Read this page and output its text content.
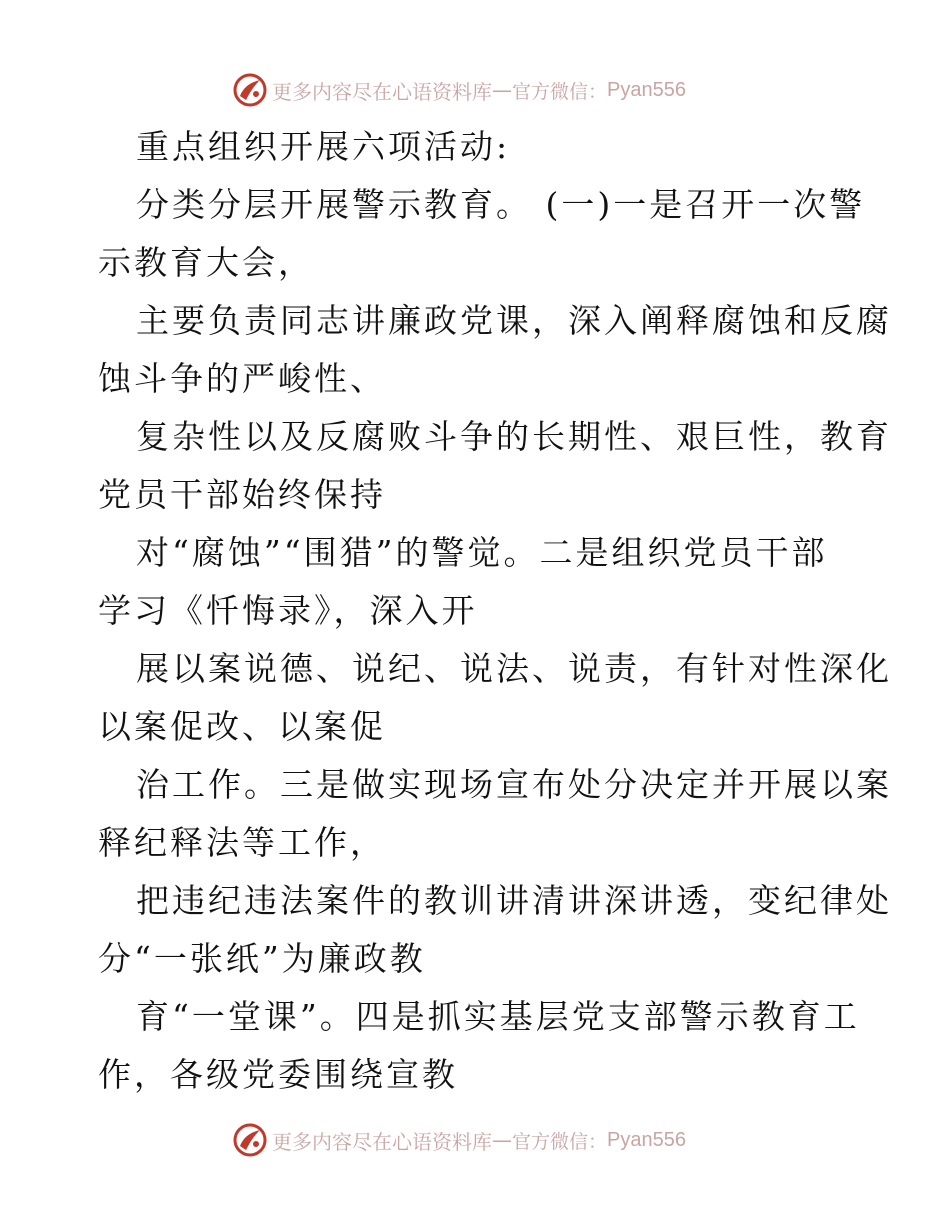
更多内容尽在心语资料库 — 官方微信： Pyan556
重点组织开展六项活动:
分类分层开展警示教育。 (一)一是召开一次警
示教育大会，
主要负责同志讲廉政党课，深入阐释腐蚀和反腐
蚀斗争的严峻性、
复杂性以及反腐败斗争的长期性、艰巨性，教育
党员干部始终保持
对“腐蚀”“围猎”的警觉。二是组织党员干部
学习《忏悔录》，深入开
展以案说德、说纪、说法、说责，有针对性深化
以案促改、以案促
治工作。三是做实现场宣布处分决定并开展以案
释纪释法等工作，
把违纪违法案件的教训讲清讲深讲透，变纪律处
分“一张纸”为廉政教
育“一堂课”。四是抓实基层党支部警示教育工
作，各级党委围绕宣教
更多内容尽在心语资料库 — 官方微信： Pyan556
